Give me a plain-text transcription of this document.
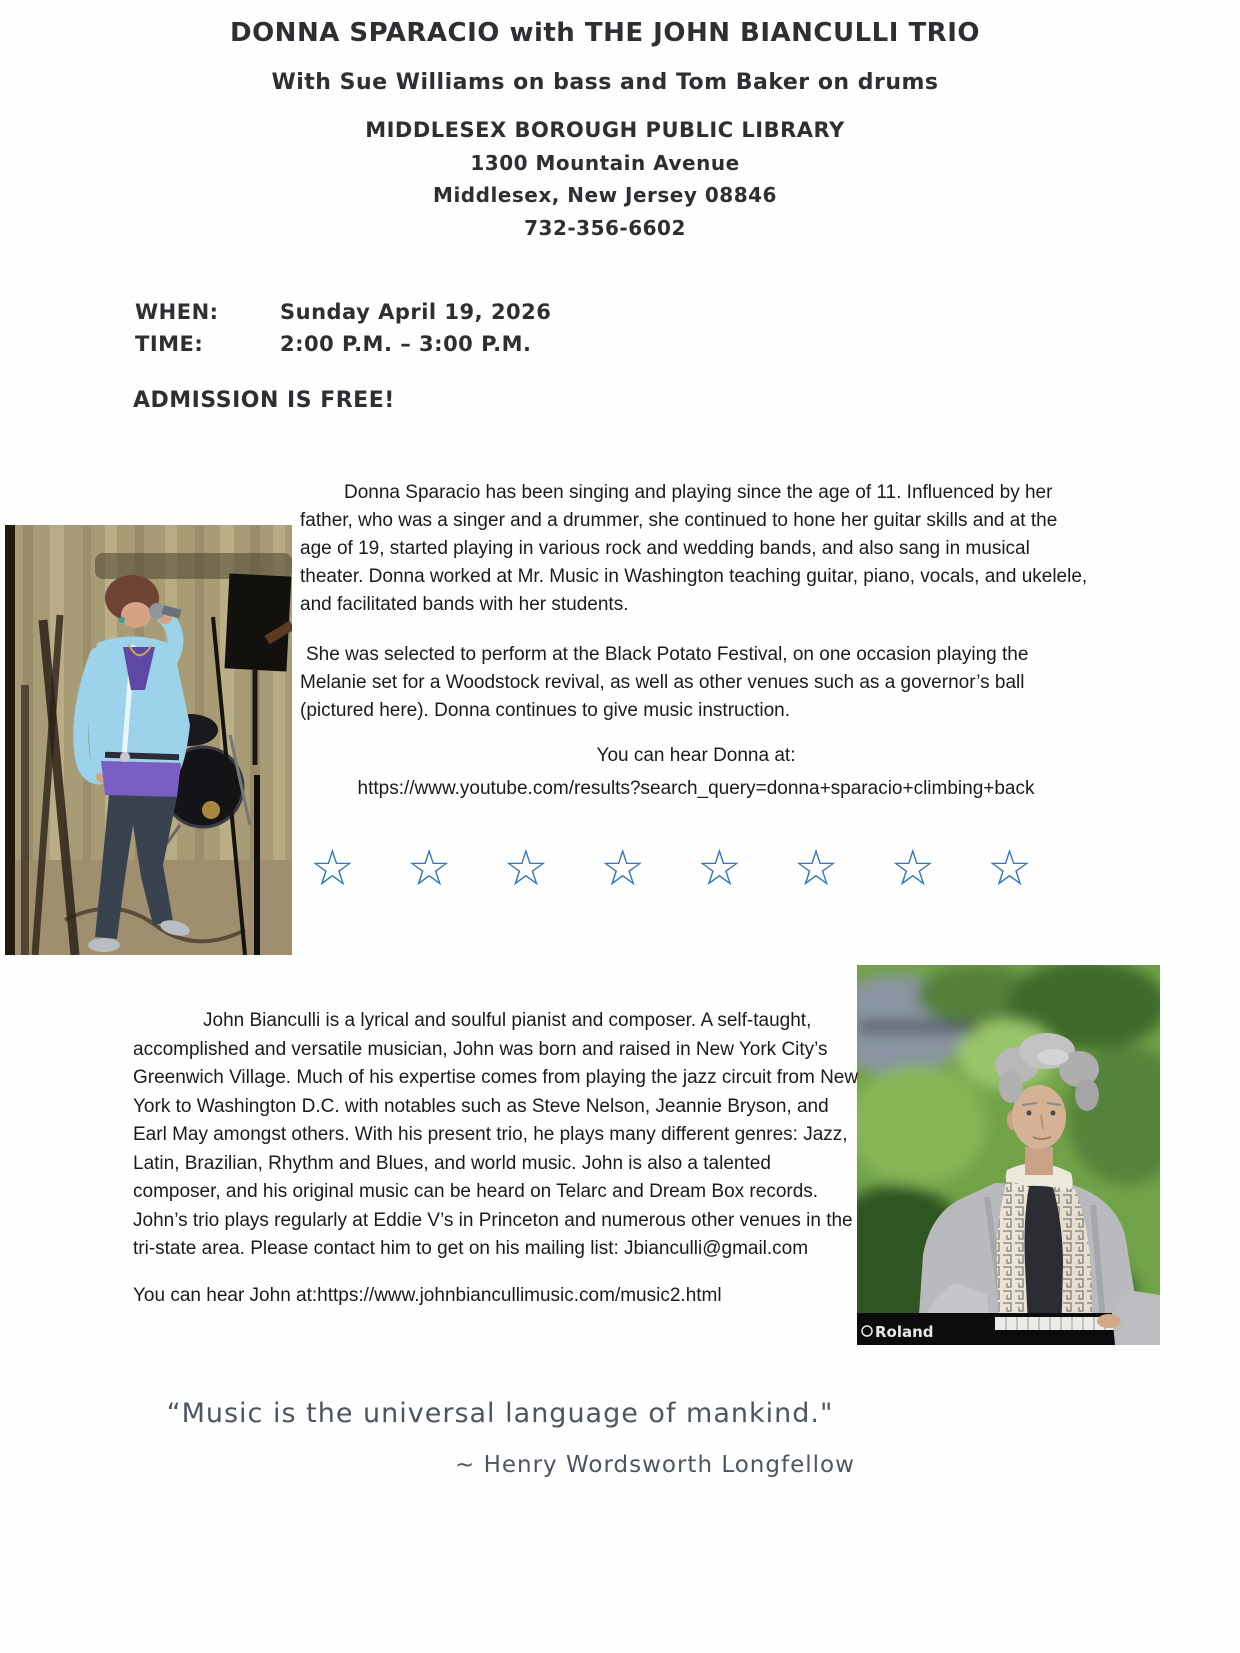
DONNA SPARACIO with THE JOHN BIANCULLI TRIO
With Sue Williams on bass and Tom Baker on drums
MIDDLESEX BOROUGH PUBLIC LIBRARY
1300 Mountain Avenue
Middlesex, New Jersey 08846
732-356-6602
WHEN:	Sunday April 19, 2026
TIME:	2:00 P.M. – 3:00 P.M.
ADMISSION IS FREE!

Donna Sparacio has been singing and playing since the age of 11. Influenced by her father, who was a singer and a drummer, she continued to hone her guitar skills and at the age of 19, started playing in various rock and wedding bands, and also sang in musical theater. Donna worked at Mr. Music in Washington teaching guitar, piano, vocals, and ukelele, and facilitated bands with her students.

She was selected to perform at the Black Potato Festival, on one occasion playing the Melanie set for a Woodstock revival, as well as other venues such as a governor’s ball (pictured here). Donna continues to give music instruction.

You can hear Donna at:
https://www.youtube.com/results?search_query=donna+sparacio+climbing+back
☆ ☆ ☆ ☆ ☆ ☆ ☆ ☆
Roland

John Bianculli is a lyrical and soulful pianist and composer. A self-taught, accomplished and versatile musician, John was born and raised in New York City’s Greenwich Village. Much of his expertise comes from playing the jazz circuit from New York to Washington D.C. with notables such as Steve Nelson, Jeannie Bryson, and Earl May amongst others. With his present trio, he plays many different genres: Jazz, Latin, Brazilian, Rhythm and Blues, and world music. John is also a talented composer, and his original music can be heard on Telarc and Dream Box records. John’s trio plays regularly at Eddie V’s in Princeton and numerous other venues in the tri-state area. Please contact him to get on his mailing list: Jbianculli@gmail.com

You can hear John at:https://www.johnbiancullimusic.com/music2.html
“Music is the universal language of mankind."
~ Henry Wordsworth Longfellow
